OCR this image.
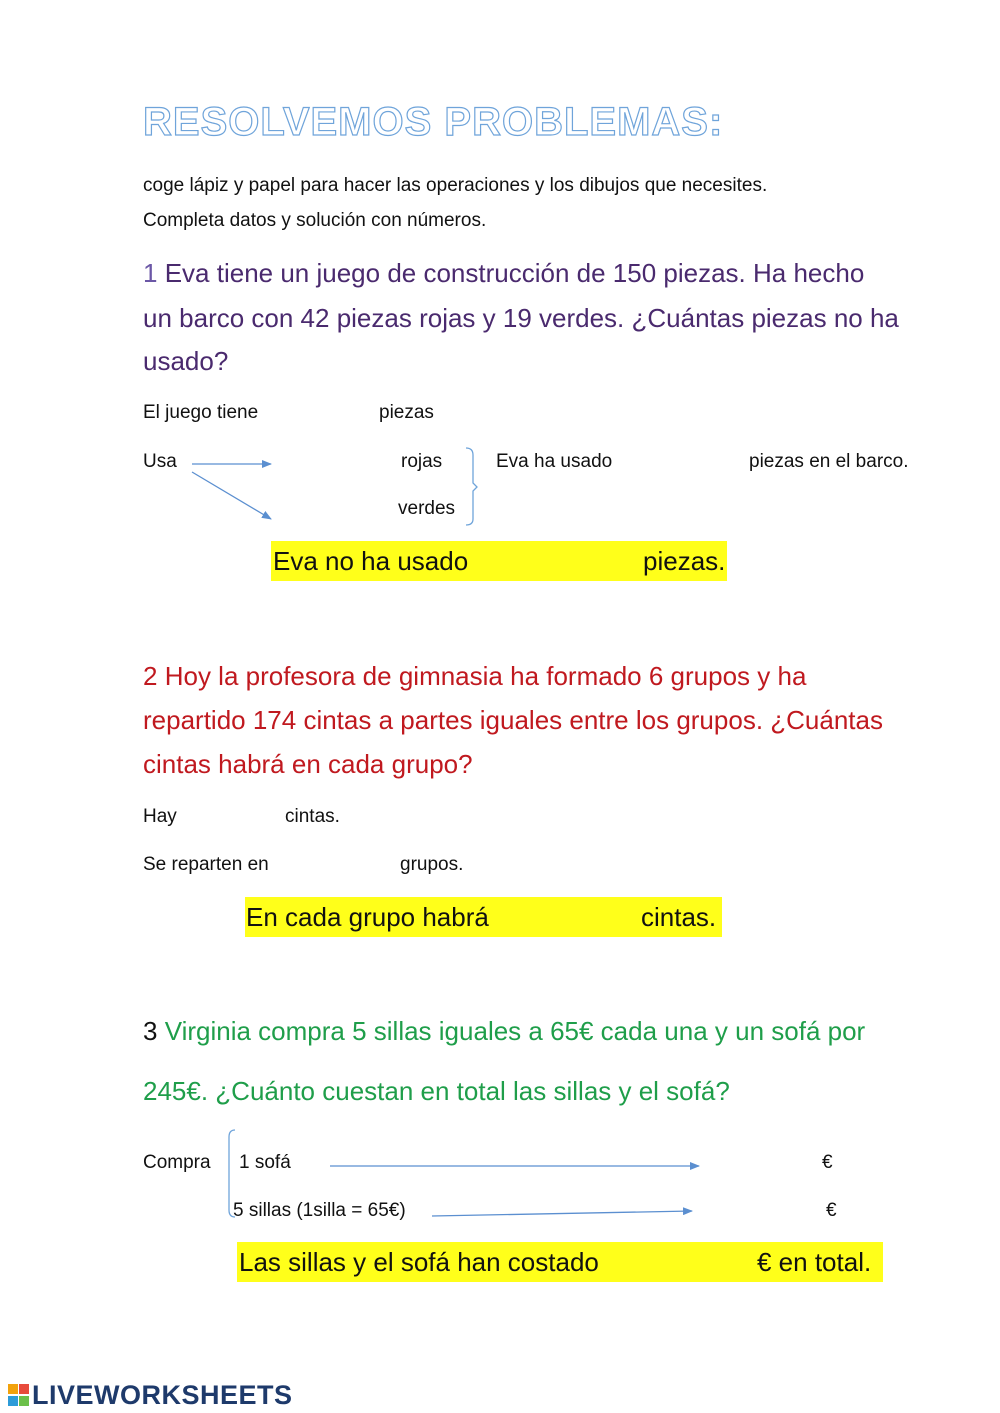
RESOLVEMOS PROBLEMAS:
coge lápiz y papel para hacer las operaciones y los dibujos que necesites.
Completa datos y solución con números.
1 Eva tiene un juego de construcción de 150 piezas. Ha hecho
un barco con 42 piezas rojas y 19 verdes. ¿Cuántas piezas no ha
usado?
El juego tiene	piezas
Usa	rojas
verdes
Eva ha usado	piezas en el barco.
Eva no ha usado	piezas.
2 Hoy la profesora de gimnasia ha formado 6 grupos y ha
repartido 174 cintas a partes iguales entre los grupos. ¿Cuántas
cintas habrá en cada grupo?
Hay	cintas.
Se reparten en	grupos.
En cada grupo habrá	cintas.
3 Virginia compra 5 sillas iguales a 65€ cada una y un sofá por
245€. ¿Cuánto cuestan en total las sillas y el sofá?
Compra 1 sofá	€
5 sillas (1silla = 65€)	€
Las sillas y el sofá han costado	€ en total.
LIVEWORKSHEETS
